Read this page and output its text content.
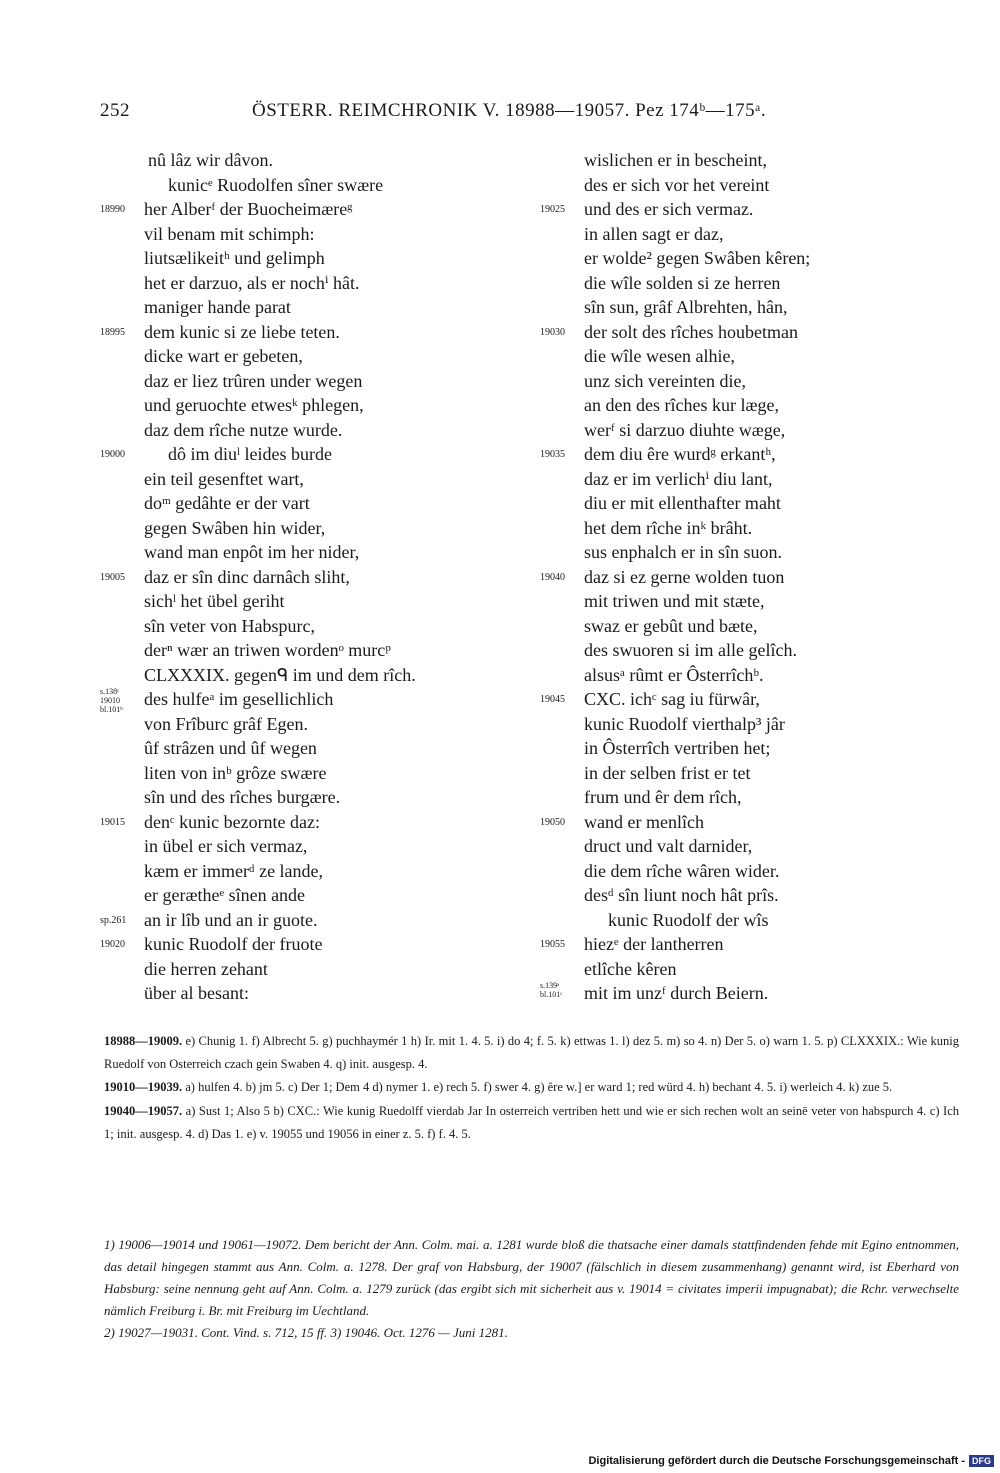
252	ÖSTERR. REIMCHRONIK V. 18988—19057. Pez 174ᵇ—175ᵃ.
nû lâz wir dâvon.
kunicᵉ Ruodolfen sîner swære
18990	her Alberᶠ der Buocheimæreᵍ
vil benam mit schimph:
liutsælikeitʰ und gelimph
het er darzuo, als er nochⁱ hât.
maniger hande parat
18995	dem kunic si ze liebe teten.
dicke wart er gebeten,
daz er liez trûren under wegen
und geruochte etwesᵏ phlegen,
daz dem rîche nutze wurde.
19000	dô im diuˡ leides burde
ein teil gesenftet wart,
doᵐ gedâhte er der vart
gegen Swâben hin wider,
wand man enpôt im her nider,
19005	daz er sîn dinc darnâch sliht,
sichˡ het übel geriht
sîn veter von Habspurc,
derⁿ wær an triwen wordenᵒ murcᵖ
CLXXXIX. gegenᑫ im und dem rîch.
s.138ᶜ
19010
bl.101ᵇ
des hulfeᵃ im gesellichlich
von Frîburc grâf Egen.
ûf strâzen und ûf wegen
liten von inᵇ grôze swære
sîn und des rîches burgære.
19015	denᶜ kunic bezornte daz:
in übel er sich vermaz,
kæm er immerᵈ ze lande,
er gerætheᵉ sînen ande
sp.261 an ir lîb und an ir guote.
19020	kunic Ruodolf der fruote
die herren zehant
über al besant:
wislichen er in bescheint,
des er sich vor het vereint
19025	und des er sich vermaz.
in allen sagt er daz,
er wolde² gegen Swâben kêren;
die wîle solden si ze herren
sîn sun, grâf Albrehten, hân,
19030	der solt des rîches houbetman
die wîle wesen alhie,
unz sich vereinten die,
an den des rîches kur læge,
werᶠ si darzuo diuhte wæge,
19035	dem diu êre wurdᵍ erkantʰ,
daz er im verlichⁱ diu lant,
diu er mit ellenthafter maht
het dem rîche inᵏ brâht.
sus enphalch er in sîn suon.
19040	daz si ez gerne wolden tuon
mit triwen und mit stæte,
swaz er gebût und bæte,
des swuoren si im alle gelîch.
alsusᵃ rûmt er Ôsterrîchᵇ.
19045	CXC. ichᶜ sag iu fürwâr,
kunic Ruodolf vierthalp³ jâr
in Ôsterrîch vertriben het;
in der selben frist er tet
frum und êr dem rîch,
19050	wand er menlîch
druct und valt darnider,
die dem rîche wâren wider.
desᵈ sîn liunt noch hât prîs.
kunic Ruodolf der wîs
19055	hiezᵉ der lantherren
etlîche kêren
s.139ᵃ
bl.101ᶜ	mit im unzᶠ durch Beiern.

18988—19009. e) Chunig 1. f) Albrecht 5. g) puchhaymér 1 h) Ir. mit 1. 4. 5. i) do 4; f. 5. k) ettwas 1. l) dez 5. m) so 4. n) Der 5. o) warn 1. 5. p) CLXXXIX.: Wie kunig Ruedolf von Osterreich czach gein Swaben 4. q) init. ausgesp. 4.

19010—19039. a) hulfen 4. b) jm 5. c) Der 1; Dem 4 d) nymer 1. e) rech 5. f) swer 4. g) êre w.] er ward 1; red würd 4. h) bechant 4. 5. i) werleich 4. k) zue 5.

19040—19057. a) Sust 1; Also 5 b) CXC.: Wie kunig Ruedolff vierdab Jar In osterreich vertriben hett und wie er sich rechen wolt an seinē veter von habspurch 4. c) Ich 1; init. ausgesp. 4. d) Das 1. e) v. 19055 und 19056 in einer z. 5. f) f. 4. 5.

1) 19006—19014 und 19061—19072. Dem bericht der Ann. Colm. mai. a. 1281 wurde bloß die thatsache einer damals stattfindenden fehde mit Egino entnommen, das detail hingegen stammt aus Ann. Colm. a. 1278. Der graf von Habsburg, der 19007 (fälschlich in diesem zusammenhang) genannt wird, ist Eberhard von Habsburg: seine nennung geht auf Ann. Colm. a. 1279 zurück (das ergibt sich mit sicherheit aus v. 19014 = civitates imperii impugnabat); die Rchr. verwechselte nämlich Freiburg i. Br. mit Freiburg im Uechtland.

2) 19027—19031. Cont. Vind. s. 712, 15 ff. 3) 19046. Oct. 1276 — Juni 1281.

Digitalisierung gefördert durch die Deutsche Forschungsgemeinschaft - DFG
